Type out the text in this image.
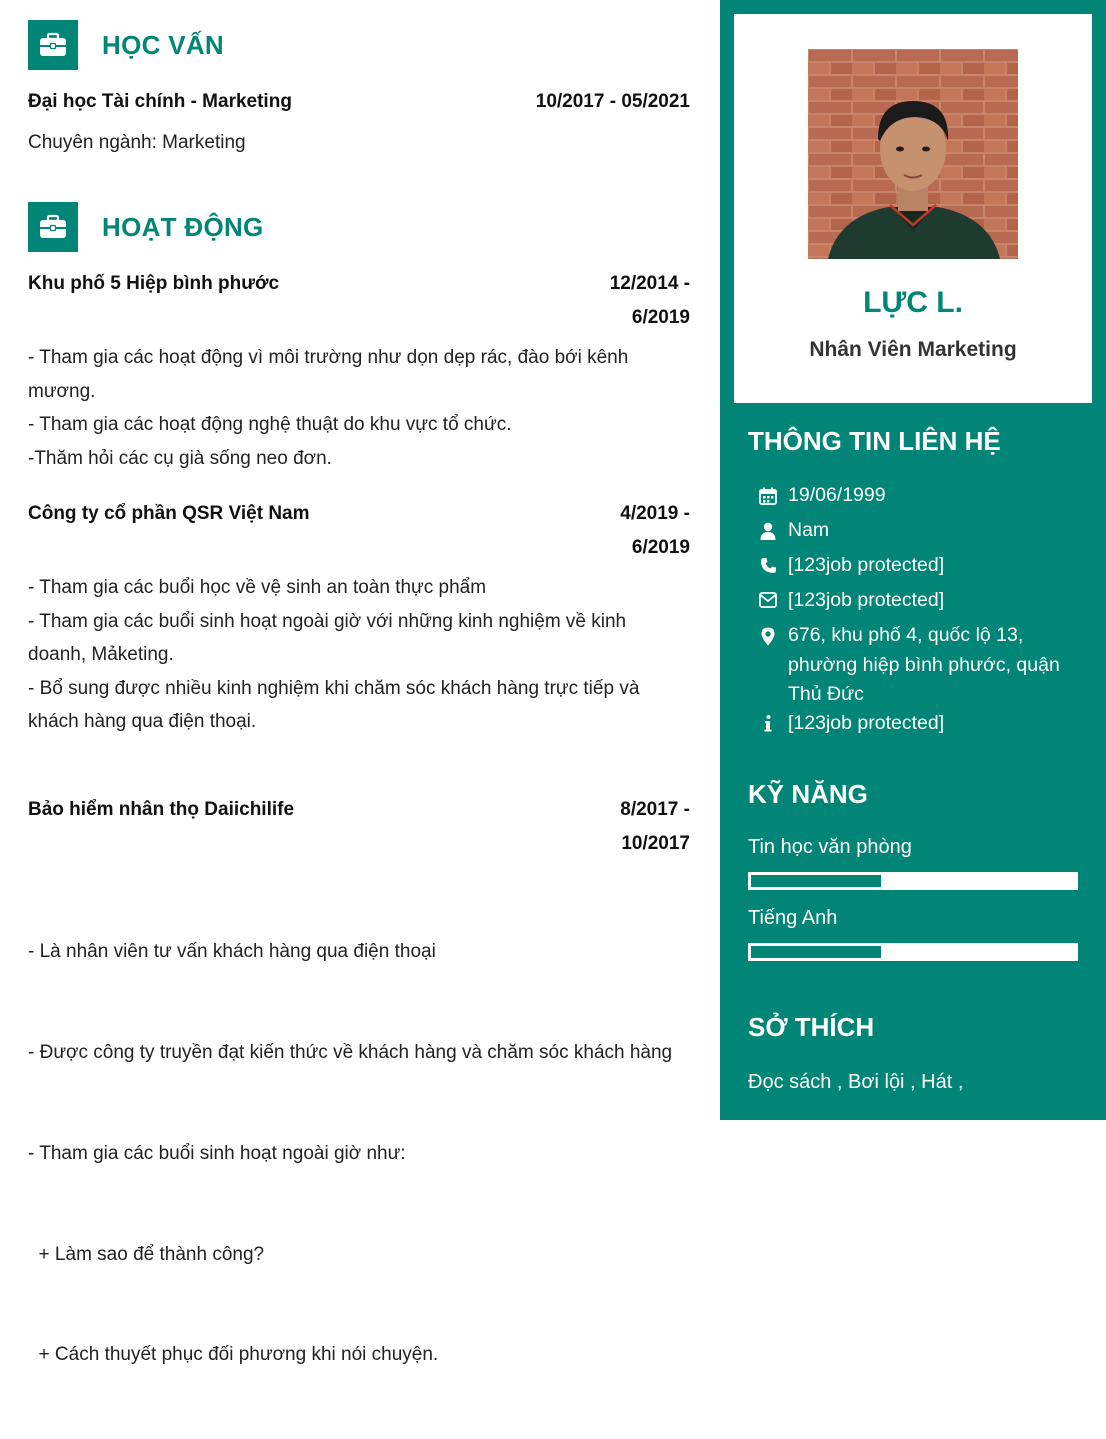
HỌC VẤN
Đại học Tài chính - Marketing	10/2017 - 05/2021
Chuyên ngành: Marketing
HOẠT ĐỘNG
Khu phố 5 Hiệp bình phước	12/2014 -
6/2019
- Tham gia các hoạt động vì môi trường như dọn dẹp rác, đào bới kênh mương.
- Tham gia các hoạt động nghệ thuật do khu vực tổ chức.
-Thăm hỏi các cụ già sống neo đơn.
Công ty cổ phần QSR Việt Nam	4/2019 -
6/2019
- Tham gia các buổi học về vệ sinh an toàn thực phẩm
- Tham gia các buổi sinh hoạt ngoài giờ với những kinh nghiệm về kinh doanh, Mảketing.
- Bổ sung được nhiều kinh nghiệm khi chăm sóc khách hàng trực tiếp và khách hàng qua điện thoại.
Bảo hiểm nhân thọ Daiichilife	8/2017 -
10/2017

- Là nhân viên tư vấn khách hàng qua điện thoại

- Được công ty truyền đạt kiến thức về khách hàng và chăm sóc khách hàng

- Tham gia các buổi sinh hoạt ngoài giờ như:

+ Làm sao để thành công?

+ Cách thuyết phục đối phương khi nói chuyện.

LỰC L.
Nhân Viên Marketing
THÔNG TIN LIÊN HỆ
19/06/1999
Nam
[123job protected]
[123job protected]
676, khu phố 4, quốc lộ 13, phường hiệp bình phước, quận Thủ Đức
[123job protected]
KỸ NĂNG
Tin học văn phòng
Tiếng Anh
SỞ THÍCH
Đọc sách , Bơi lội , Hát ,
